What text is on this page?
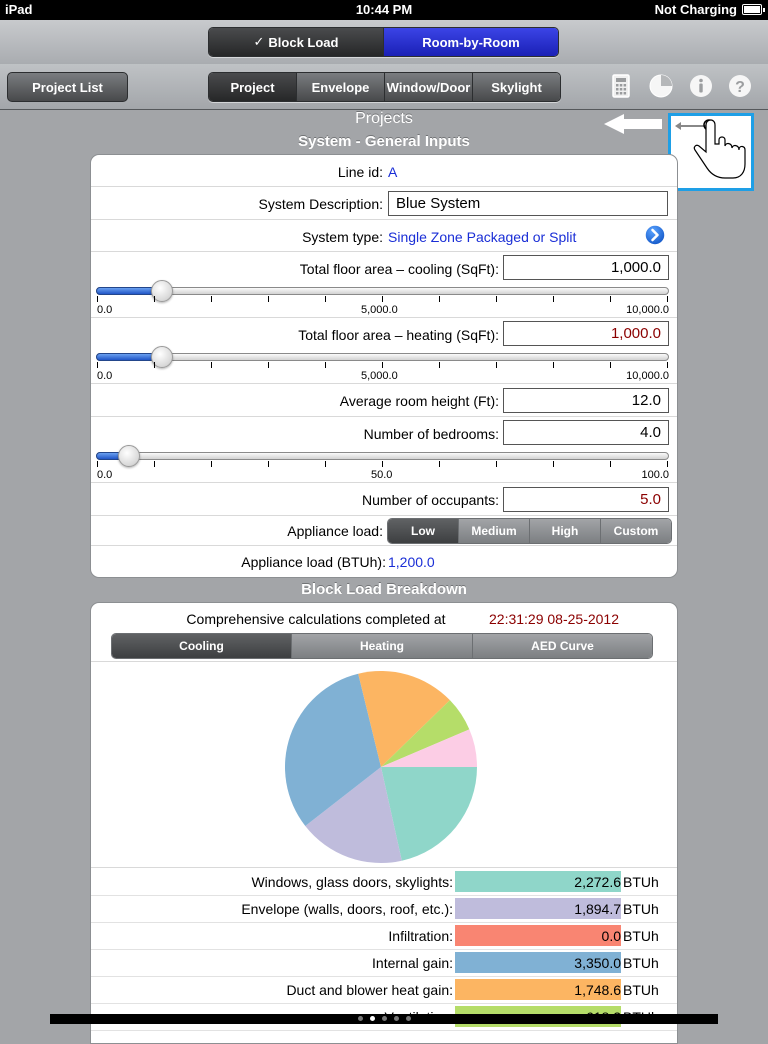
iPad	10:44 PM	Not Charging
✓ Block Load	Room-by-Room
Project List	Project	Envelope	Window/Door	Skylight	?
Projects
System - General Inputs
Line id: A
System Description: Blue System
System type: Single Zone Packaged or Split
Total floor area – cooling (SqFt):	1,000.0
0.0	5,000.0	10,000.0
Total floor area – heating (SqFt):	1,000.0
0.0	5,000.0	10,000.0
Average room height (Ft):	12.0
Number of bedrooms:	4.0
0.0	50.0	100.0
Number of occupants:	5.0
Appliance load:	Low	Medium	High	Custom
Appliance load (BTUh): 1,200.0
Block Load Breakdown
Comprehensive calculations completed at	22:31:29 08-25-2012
Cooling	Heating	AED Curve
Windows, glass doors, skylights:	2,272.6 BTUh
Envelope (walls, doors, roof, etc.):	1,894.7 BTUh
Infiltration:	0.0 BTUh
Internal gain:	3,350.0 BTUh
Duct and blower heat gain:	1,748.6 BTUh
